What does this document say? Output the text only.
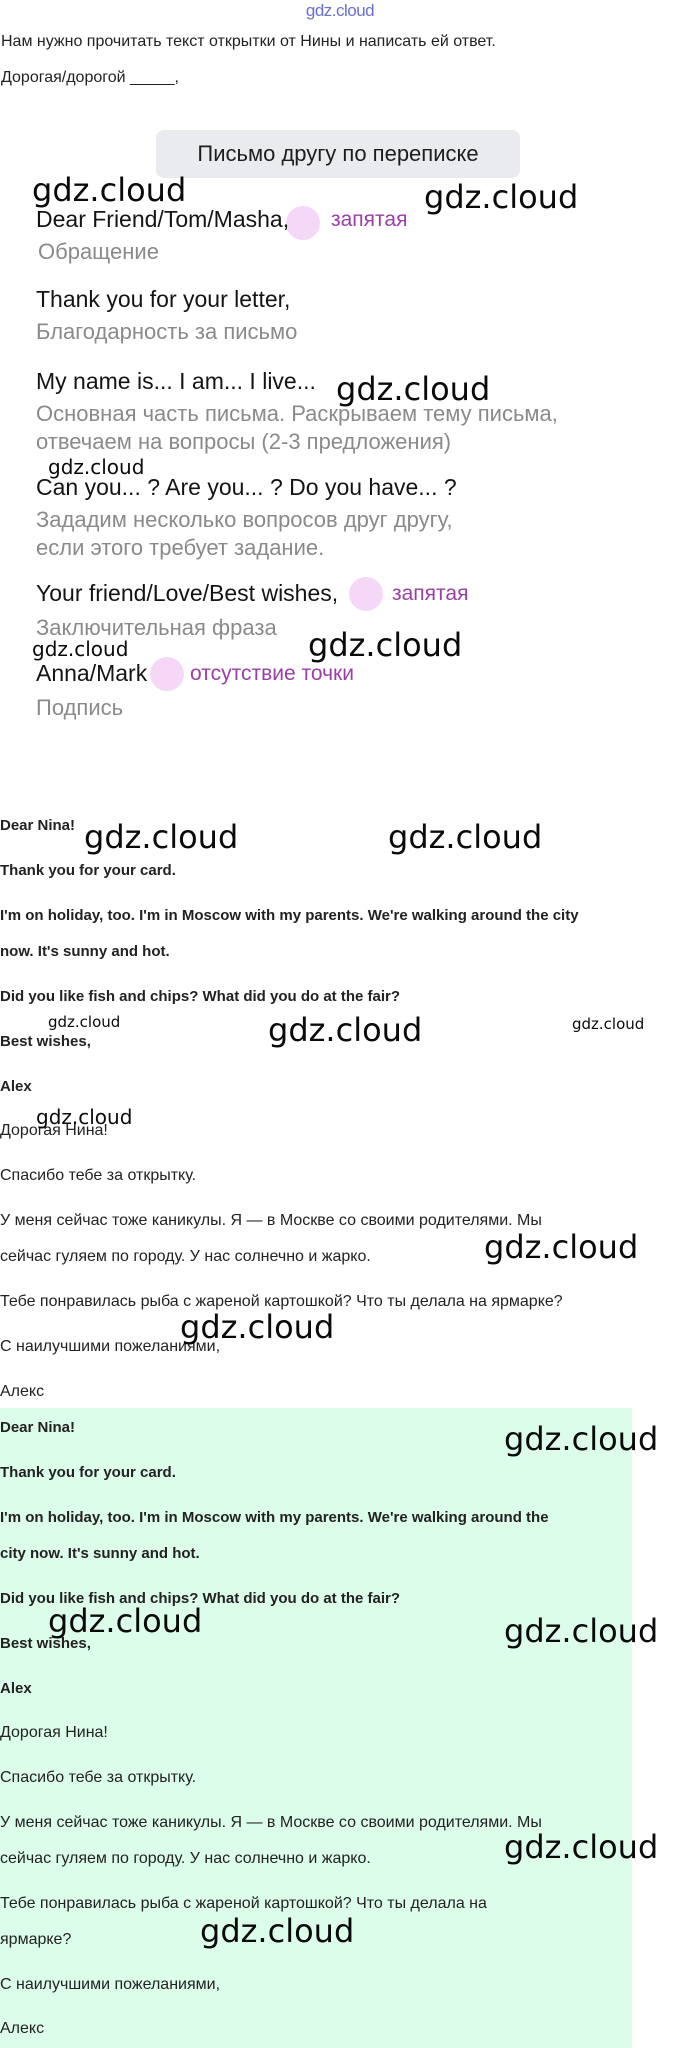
gdz.cloud
Нам нужно прочитать текст открытки от Нины и написать ей ответ.
Дорогая/дорогой _____,
Письмо другу по переписке
Dear Friend/Tom/Masha, запятая
Обращение
Thank you for your letter,
Благодарность за письмо
My name is... I am... I live...
Основная часть письма. Раскрываем тему письма, отвечаем на вопросы (2-3 предложения)
Can you... ? Are you... ? Do you have... ?
Зададим несколько вопросов друг другу, если этого требует задание.
Your friend/Love/Best wishes,	запятая
Заключительная фраза
Anna/Mark отсутствие точки
Подпись
Dear Nina!
Thank you for your card.
I'm on holiday, too. I'm in Moscow with my parents. We're walking around the city
now. It's sunny and hot.
Did you like fish and chips? What did you do at the fair?
Best wishes,
Alex
Дорогая Нина!
Спасибо тебе за открытку.
У меня сейчас тоже каникулы. Я — в Москве со своими родителями. Мы
сейчас гуляем по городу. У нас солнечно и жарко.
Тебе понравилась рыба с жареной картошкой? Что ты делала на ярмарке?
С наилучшими пожеланиями,
Алекс
Dear Nina!
Thank you for your card.
I'm on holiday, too. I'm in Moscow with my parents. We're walking around the
city now. It's sunny and hot.
Did you like fish and chips? What did you do at the fair?
Best wishes,
Alex
Дорогая Нина!
Спасибо тебе за открытку.
У меня сейчас тоже каникулы. Я — в Москве со своими родителями. Мы
сейчас гуляем по городу. У нас солнечно и жарко.
Тебе понравилась рыба с жареной картошкой? Что ты делала на
ярмарке?
С наилучшими пожеланиями,
Алекс
gdz.cloud	gdz.cloud
gdz.cloud
gdz.cloud
gdz.cloud
gdz.cloud
gdz.cloud	gdz.cloud
gdz.cloud	gdz.cloud	gdz.cloud
gdz.cloud
gdz.cloud
gdz.cloud
gdz.cloud
gdz.cloud	gdz.cloud
gdz.cloud
gdz.cloud
